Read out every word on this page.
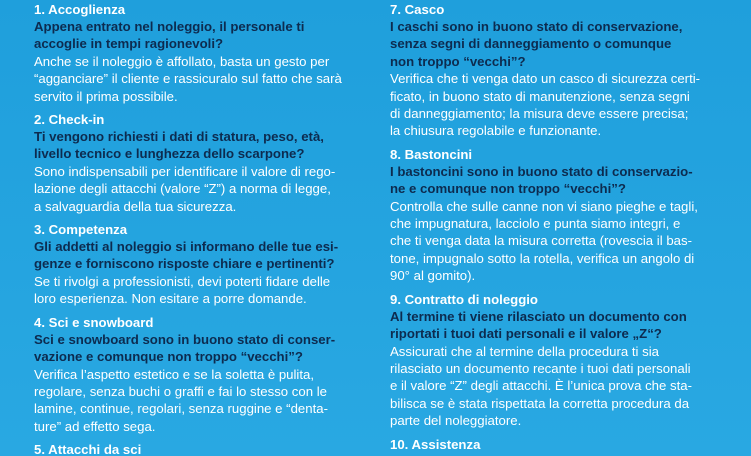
1. Accoglienza

Appena entrato nel noleggio, il personale ti

accoglie in tempi ragionevoli?

Anche se il noleggio è affollato, basta un gesto per

“agganciare” il cliente e rassicuralo sul fatto che sarà

servito il prima possibile.

2. Check-in

Ti vengono richiesti i dati di statura, peso, età,

livello tecnico e lunghezza dello scarpone?

Sono indispensabili per identificare il valore di rego-

lazione degli attacchi (valore “Z”) a norma di legge,

a salvaguardia della tua sicurezza.

3. Competenza

Gli addetti al noleggio si informano delle tue esi-

genze e forniscono risposte chiare e pertinenti?

Se ti rivolgi a professionisti, devi poterti fidare delle

loro esperienza. Non esitare a porre domande.

4. Sci e snowboard

Sci e snowboard sono in buono stato di conser-

vazione e comunque non troppo “vecchi”?

Verifica l’aspetto estetico e se la soletta è pulita,

regolare, senza buchi o graffi e fai lo stesso con le

lamine, continue, regolari, senza ruggine e “denta-

ture” ad effetto sega.

5. Attacchi da sci

7. Casco

I caschi sono in buono stato di conservazione,

senza segni di danneggiamento o comunque

non troppo “vecchi”?

Verifica che ti venga dato un casco di sicurezza certi-

ficato, in buono stato di manutenzione, senza segni

di danneggiamento; la misura deve essere precisa;

la chiusura regolabile e funzionante.

8. Bastoncini

I bastoncini sono in buono stato di conservazio-

ne e comunque non troppo “vecchi”?

Controlla che sulle canne non vi siano pieghe e tagli,

che impugnatura, lacciolo e punta siamo integri, e

che ti venga data la misura corretta (rovescia il bas-

tone, impugnalo sotto la rotella, verifica un angolo di

90° al gomito).

9. Contratto di noleggio

Al termine ti viene rilasciato un documento con

riportati i tuoi dati personali e il valore „Z“?

Assicurati che al termine della procedura ti sia

rilasciato un documento recante i tuoi dati personali

e il valore “Z” degli attacchi. È l’unica prova che sta-

bilisca se è stata rispettata la corretta procedura da

parte del noleggiatore.

10. Assistenza
